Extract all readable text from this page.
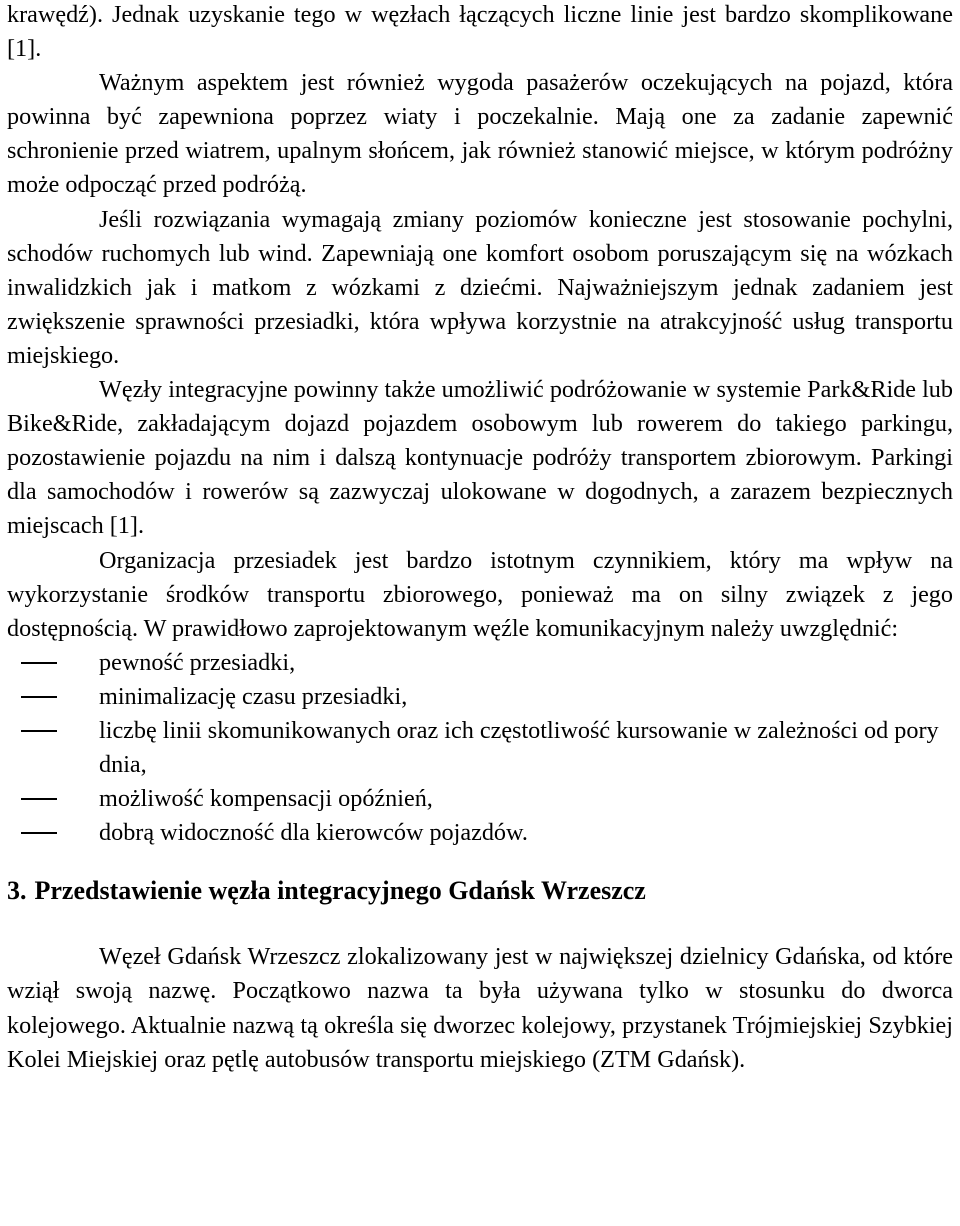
krawędź). Jednak uzyskanie tego w węzłach łączących liczne linie jest bardzo skomplikowane [1].

Ważnym aspektem jest również wygoda pasażerów oczekujących na pojazd, która powinna być zapewniona poprzez wiaty i poczekalnie. Mają one za zadanie zapewnić schronienie przed wiatrem, upalnym słońcem, jak również stanowić miejsce, w którym podróżny może odpocząć przed podróżą.

Jeśli rozwiązania wymagają zmiany poziomów konieczne jest stosowanie pochylni, schodów ruchomych lub wind. Zapewniają one komfort osobom poruszającym się na wózkach inwalidzkich jak i matkom z wózkami z dziećmi. Najważniejszym jednak zadaniem jest zwiększenie sprawności przesiadki, która wpływa korzystnie na atrakcyjność usług transportu miejskiego.

Węzły integracyjne powinny także umożliwić podróżowanie w systemie Park&Ride lub Bike&Ride, zakładającym dojazd pojazdem osobowym lub rowerem do takiego parkingu, pozostawienie pojazdu na nim i dalszą kontynuacje podróży transportem zbiorowym. Parkingi dla samochodów i rowerów są zazwyczaj ulokowane w dogodnych, a zarazem bezpiecznych miejscach [1].

Organizacja przesiadek jest bardzo istotnym czynnikiem, który ma wpływ na wykorzystanie środków transportu zbiorowego, ponieważ ma on silny związek z jego dostępnością. W prawidłowo zaprojektowanym węźle komunikacyjnym należy uwzględnić:

pewność przesiadki,
minimalizację czasu przesiadki,
liczbę linii skomunikowanych oraz ich częstotliwość kursowanie w zależności od pory dnia,
możliwość kompensacji opóźnień,
dobrą widoczność dla kierowców pojazdów.
3. Przedstawienie węzła integracyjnego Gdańsk Wrzeszcz

Węzeł Gdańsk Wrzeszcz zlokalizowany jest w największej dzielnicy Gdańska, od które wziął swoją nazwę. Początkowo nazwa ta była używana tylko w stosunku do dworca kolejowego. Aktualnie nazwą tą określa się dworzec kolejowy, przystanek Trójmiejskiej Szybkiej Kolei Miejskiej oraz pętlę autobusów transportu miejskiego (ZTM Gdańsk).
